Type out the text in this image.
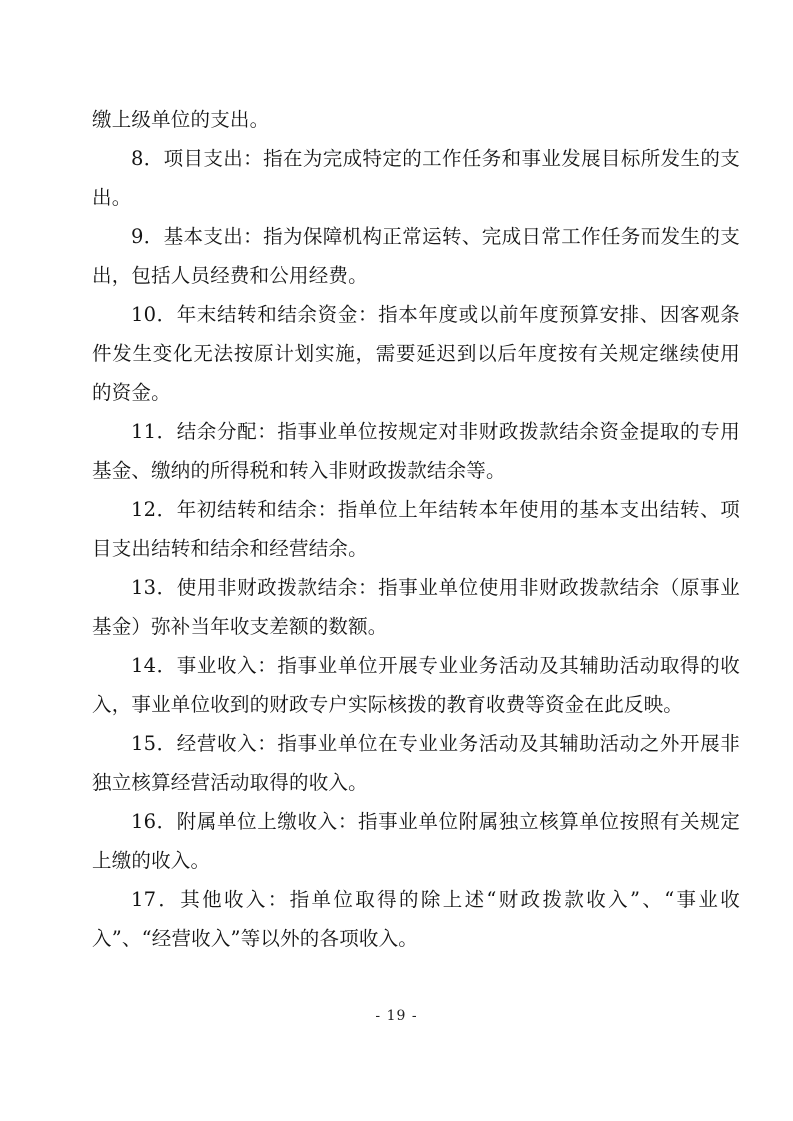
缴上级单位的支出。

8．项目支出：指在为完成特定的工作任务和事业发展目标所发生的支出。

9．基本支出：指为保障机构正常运转、完成日常工作任务而发生的支出，包括人员经费和公用经费。

10．年末结转和结余资金：指本年度或以前年度预算安排、因客观条件发生变化无法按原计划实施，需要延迟到以后年度按有关规定继续使用的资金。

11．结余分配：指事业单位按规定对非财政拨款结余资金提取的专用基金、缴纳的所得税和转入非财政拨款结余等。

12．年初结转和结余：指单位上年结转本年使用的基本支出结转、项目支出结转和结余和经营结余。

13．使用非财政拨款结余：指事业单位使用非财政拨款结余（原事业基金）弥补当年收支差额的数额。

14．事业收入：指事业单位开展专业业务活动及其辅助活动取得的收入，事业单位收到的财政专户实际核拨的教育收费等资金在此反映。

15．经营收入：指事业单位在专业业务活动及其辅助活动之外开展非独立核算经营活动取得的收入。

16．附属单位上缴收入：指事业单位附属独立核算单位按照有关规定上缴的收入。

17．其他收入：指单位取得的除上述“财政拨款收入”、“事业收入”、“经营收入”等以外的各项收入。

- 19 -
